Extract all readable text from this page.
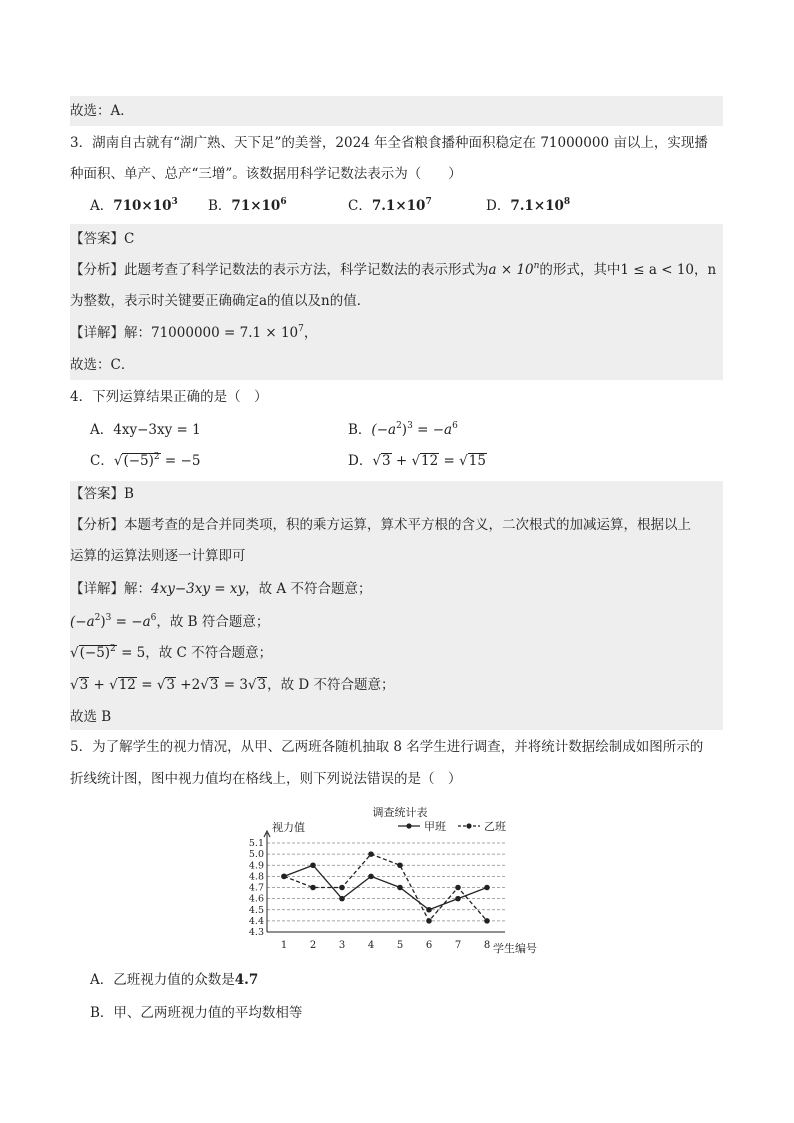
故选：A．
3．湖南自古就有“湖广熟、天下足”的美誉，2024 年全省粮食播种面积稳定在 71000000 亩以上，实现播
种面积、单产、总产“三增”。该数据用科学记数法表示为（　　）
A．$710\times 10^3$ B．$71\times 10^6$	C．$7.1\times 10^7$	D．$7.1\times 10^8$
【答案】C
【分析】此题考查了科学记数法的表示方法，科学记数法的表示形式为$a \times 10^n$的形式，其中1 ≤ a < 10，n
为整数，表示时关键要正确确定a的值以及n的值．
【详解】解：$71000000 = 7.1 \times 10^7$，
故选：C．
4．下列运算结果正确的是（　）
A．4xy−3xy = 1	B．$(-a^2)^3 = -a^6$
C．$√(-5)^2 = -5$	D．√3 + √12 = √15
【答案】B
【分析】本题考查的是合并同类项，积的乘方运算，算术平方根的含义，二次根式的加减运算，根据以上
运算的运算法则逐一计算即可
【详解】解：4xy−3xy = xy，故 A 不符合题意；
$(-a^2)^3 = -a^6$，故 B 符合题意；
$√(-5)^2 = 5$，故 C 不符合题意；
√3 + √12 = √3 +2√3 = 3√3，故 D 不符合题意；
故选 B
5．为了解学生的视力情况，从甲、乙两班各随机抽取 8 名学生进行调查，并将统计数据绘制成如图所示的
折线统计图，图中视力值均在格线上，则下列说法错误的是（　）
调查统计表
视力值
学生编号
甲班	乙班
4.3
4.4
4.5
4.6
4.7
4.8
4.9
5.0
5.1
1 2 3 4 5 6 7 8
A．乙班视力值的众数是4.7
B．甲、乙两班视力值的平均数相等
